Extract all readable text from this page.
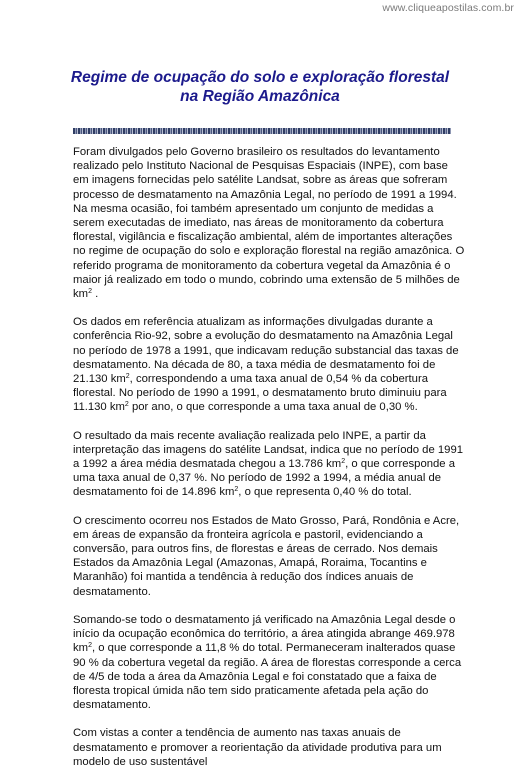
www.cliqueapostilas.com.br
Regime de ocupação do solo e exploração florestal
na Região Amazônica

Foram divulgados pelo Governo brasileiro os resultados do levantamento realizado pelo Instituto Nacional de Pesquisas Espaciais (INPE), com base em imagens fornecidas pelo satélite Landsat, sobre as áreas que sofreram processo de desmatamento na Amazônia Legal, no período de 1991 a 1994. Na mesma ocasião, foi também apresentado um conjunto de medidas a serem executadas de imediato, nas áreas de monitoramento da cobertura florestal, vigilância e fiscalização ambiental, além de importantes alterações no regime de ocupação do solo e exploração florestal na região amazônica. O referido programa de monitoramento da cobertura vegetal da Amazônia é o maior já realizado em todo o mundo, cobrindo uma extensão de 5 milhões de $km^2$ .

Os dados em referência atualizam as informações divulgadas durante a conferência Rio-92, sobre a evolução do desmatamento na Amazônia Legal no período de 1978 a 1991, que indicavam redução substancial das taxas de desmatamento. Na década de 80, a taxa média de desmatamento foi de 21.130 $km^2$, correspondendo a uma taxa anual de 0,54 % da cobertura florestal. No período de 1990 a 1991, o desmatamento bruto diminuiu para 11.130 $km^2$ por ano, o que corresponde a uma taxa anual de 0,30 %.

O resultado da mais recente avaliação realizada pelo INPE, a partir da interpretação das imagens do satélite Landsat, indica que no período de 1991 a 1992 a área média desmatada chegou a 13.786 $km^2$, o que corresponde a uma taxa anual de 0,37 %. No período de 1992 a 1994, a média anual de desmatamento foi de 14.896 $km^2$, o que representa 0,40 % do total.

O crescimento ocorreu nos Estados de Mato Grosso, Pará, Rondônia e Acre, em áreas de expansão da fronteira agrícola e pastoril, evidenciando a conversão, para outros fins, de florestas e áreas de cerrado. Nos demais Estados da Amazônia Legal (Amazonas, Amapá, Roraima, Tocantins e Maranhão) foi mantida a tendência à redução dos índices anuais de desmatamento.

Somando-se todo o desmatamento já verificado na Amazônia Legal desde o início da ocupação econômica do território, a área atingida abrange 469.978 $km^2$, o que corresponde a 11,8 % do total. Permaneceram inalterados quase 90 % da cobertura vegetal da região. A área de florestas corresponde a cerca de 4/5 de toda a área da Amazônia Legal e foi constatado que a faixa de floresta tropical úmida não tem sido praticamente afetada pela ação do desmatamento.

Com vistas a conter a tendência de aumento nas taxas anuais de desmatamento e promover a reorientação da atividade produtiva para um modelo de uso sustentável
